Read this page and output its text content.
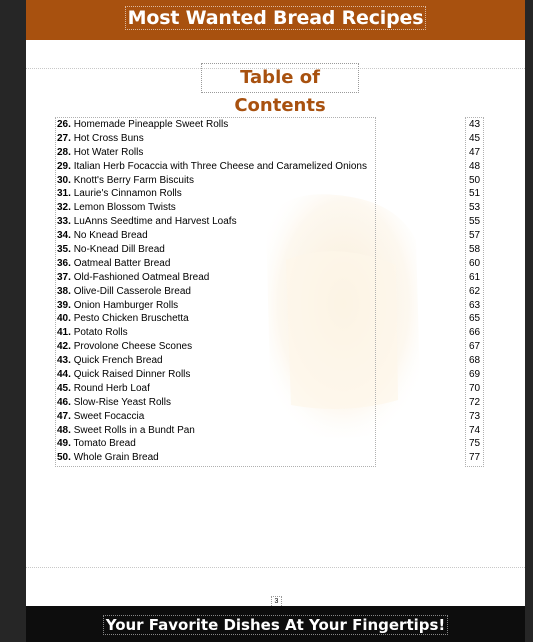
Most Wanted Bread Recipes
Table of Contents
26. Homemade Pineapple Sweet Rolls
27. Hot Cross Buns
28. Hot Water Rolls
29. Italian Herb Focaccia with Three Cheese and Caramelized Onions
30. Knott's Berry Farm Biscuits
31. Laurie's Cinnamon Rolls
32. Lemon Blossom Twists
33. LuAnns Seedtime and Harvest Loafs
34. No Knead Bread
35. No-Knead Dill Bread
36. Oatmeal Batter Bread
37. Old-Fashioned Oatmeal Bread
38. Olive-Dill Casserole Bread
39. Onion Hamburger Rolls
40. Pesto Chicken Bruschetta
41. Potato Rolls
42. Provolone Cheese Scones
43. Quick French Bread
44. Quick Raised Dinner Rolls
45. Round Herb Loaf
46. Slow-Rise Yeast Rolls
47. Sweet Focaccia
48. Sweet Rolls in a Bundt Pan
49. Tomato Bread
50. Whole Grain Bread
43
45
47
48
50
51
53
55
57
58
60
61
62
63
65
66
67
68
69
70
72
73
74
75
77
3
Your Favorite Dishes At Your Fingertips!
